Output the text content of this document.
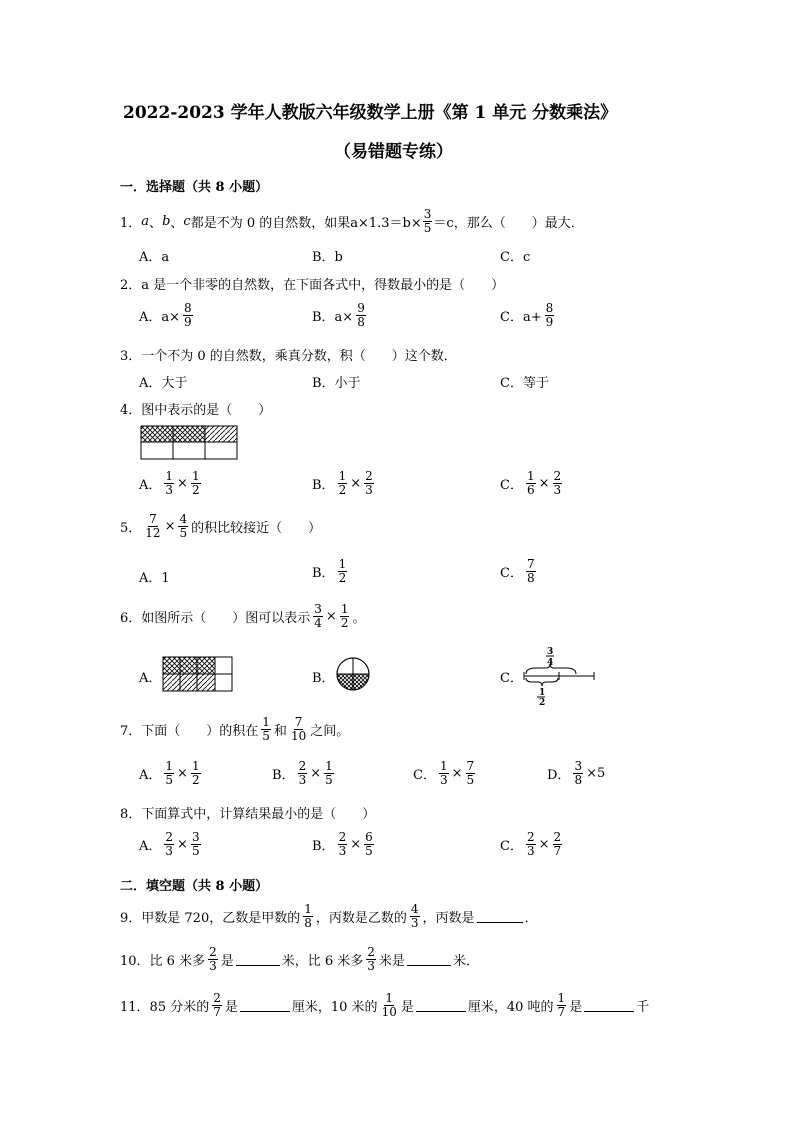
2022-2023 学年人教版六年级数学上册《第 1 单元 分数乘法》
（易错题专练）
一．选择题（共 8 小题）
1． a 、 b 、 c 都是不为 0 的自然数，如果 $a\times 1.3=b\times \frac{3}{5} =c$，那么（　　）最大．
A．a	B．b	C．c
2．a 是一个非零的自然数，在下面各式中，得数最小的是（　　）
A．$a\times \frac{8}{9}$	B．$a\times \frac{9}{8}$	C．$a+ \frac{8}{9}$
3．一个不为 0 的自然数，乘真分数，积（　　）这个数．
A．大于	B．小于	C．等于
4．图中表示的是（　　）
A． $\frac{1}{3} \times \frac{1}{2}$	B． $\frac{1}{2} \times \frac{2}{3}$	C． $\frac{1}{6} \times \frac{2}{3}$
5． $\frac{7}{12} \times \frac{4}{5}$ 的积比较接近（　　）
A．1	B． $\frac{1}{2}$	C． $\frac{7}{8}$
6．如图所示（　　）图可以表示 $\frac{3}{4} \times \frac{1}{2}$ 。
A．	B．	C．
3
4
1
2
7．下面（　　）的积在 $\frac{1}{5}$ 和 $\frac{7}{10}$ 之间。
A． $\frac{1}{5} \times \frac{1}{2}$	B． $\frac{2}{3} \times \frac{1}{5}$	C． $\frac{1}{3} \times \frac{7}{5}$	D． $\frac{3}{8} \times 5$
8．下面算式中，计算结果最小的是（　　）
A． $\frac{2}{3} \times \frac{3}{5}$	B． $\frac{2}{3} \times \frac{6}{5}$	C． $\frac{2}{3} \times \frac{2}{7}$
二．填空题（共 8 小题）
9．甲数是 720，乙数是甲数的 $\frac{1}{8}$ ，丙数是乙数的 $\frac{4}{3}$ ，丙数是	．
10．比 6 米多 $\frac{2}{3}$ 是	米，比 6 米多 $\frac{2}{3}$ 米是	米．
11．85 分米的 $\frac{2}{7}$ 是	厘米，10 米的 $\frac{1}{10}$ 是	厘米，40 吨的 $\frac{1}{7}$ 是	千
